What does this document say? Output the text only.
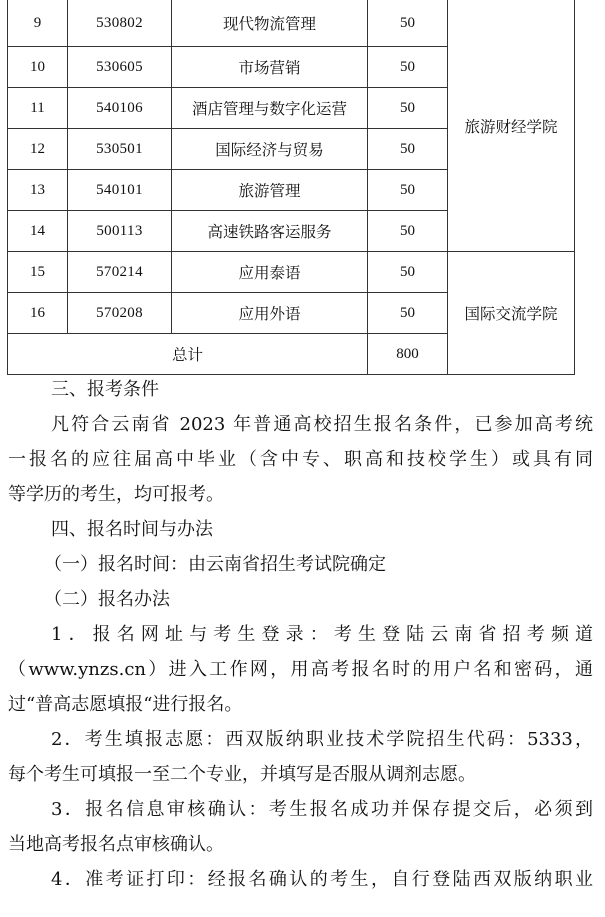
9	530802	现代物流管理	50	旅游财经学院
10	530605	市场营销	50	
11	540106	酒店管理与数字化运营	50	
12	530501	国际经济与贸易	50	
13	540101	旅游管理	50	
14	500113	高速铁路客运服务	50	
15	570214	应用泰语	50	国际交流学院
16	570208	应用外语	50	
总计			800	

三、报考条件

凡符合云南省 2023 年普通高校招生报名条件，已参加高考统

一报名的应往届高中毕业（含中专、职高和技校学生）或具有同

等学历的考生，均可报考。

四、报名时间与办法

（一）报名时间：由云南省招生考试院确定

（二）报名办法

1．报名网址与考生登录：考生登陆云南省招考频道

（www.ynzs.cn）进入工作网，用高考报名时的用户名和密码，通

过“普高志愿填报“进行报名。

2．考生填报志愿：西双版纳职业技术学院招生代码：5333，

每个考生可填报一至二个专业，并填写是否服从调剂志愿。

3．报名信息审核确认：考生报名成功并保存提交后，必须到

当地高考报名点审核确认。

4．准考证打印：经报名确认的考生，自行登陆西双版纳职业
